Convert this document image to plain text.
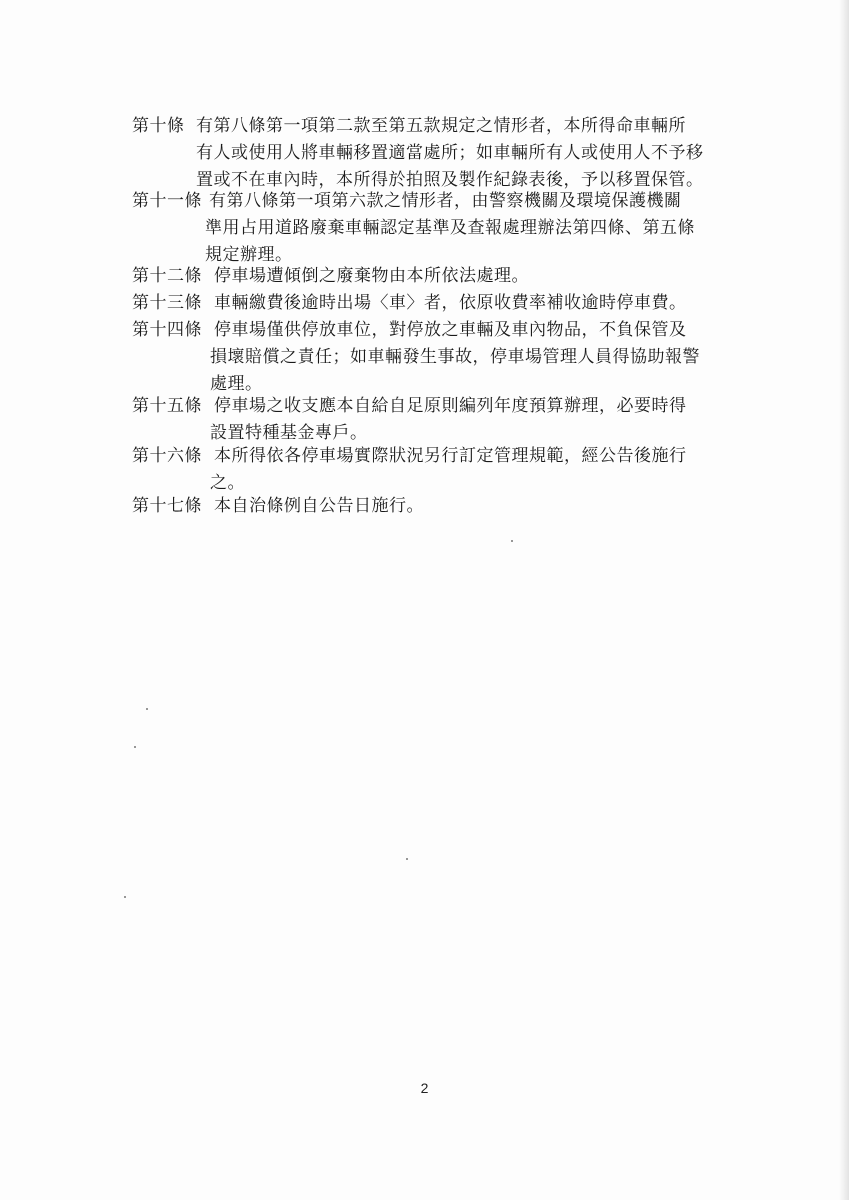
第十條 有第八條第一項第二款至第五款規定之情形者，本所得命車輛所
有人或使用人將車輛移置適當處所；如車輛所有人或使用人不予移
置或不在車內時，本所得於拍照及製作紀錄表後，予以移置保管。
第十一條 有第八條第一項第六款之情形者，由警察機關及環境保護機關
準用占用道路廢棄車輛認定基準及查報處理辦法第四條、第五條
規定辦理。
第十二條 停車場遭傾倒之廢棄物由本所依法處理。
第十三條 車輛繳費後逾時出場〈車〉者，依原收費率補收逾時停車費。
第十四條 停車場僅供停放車位，對停放之車輛及車內物品，不負保管及
損壞賠償之責任；如車輛發生事故，停車場管理人員得協助報警
處理。
第十五條 停車場之收支應本自給自足原則編列年度預算辦理，必要時得
設置特種基金專戶。
第十六條 本所得依各停車場實際狀況另行訂定管理規範，經公告後施行
之。
第十七條 本自治條例自公告日施行。
2
